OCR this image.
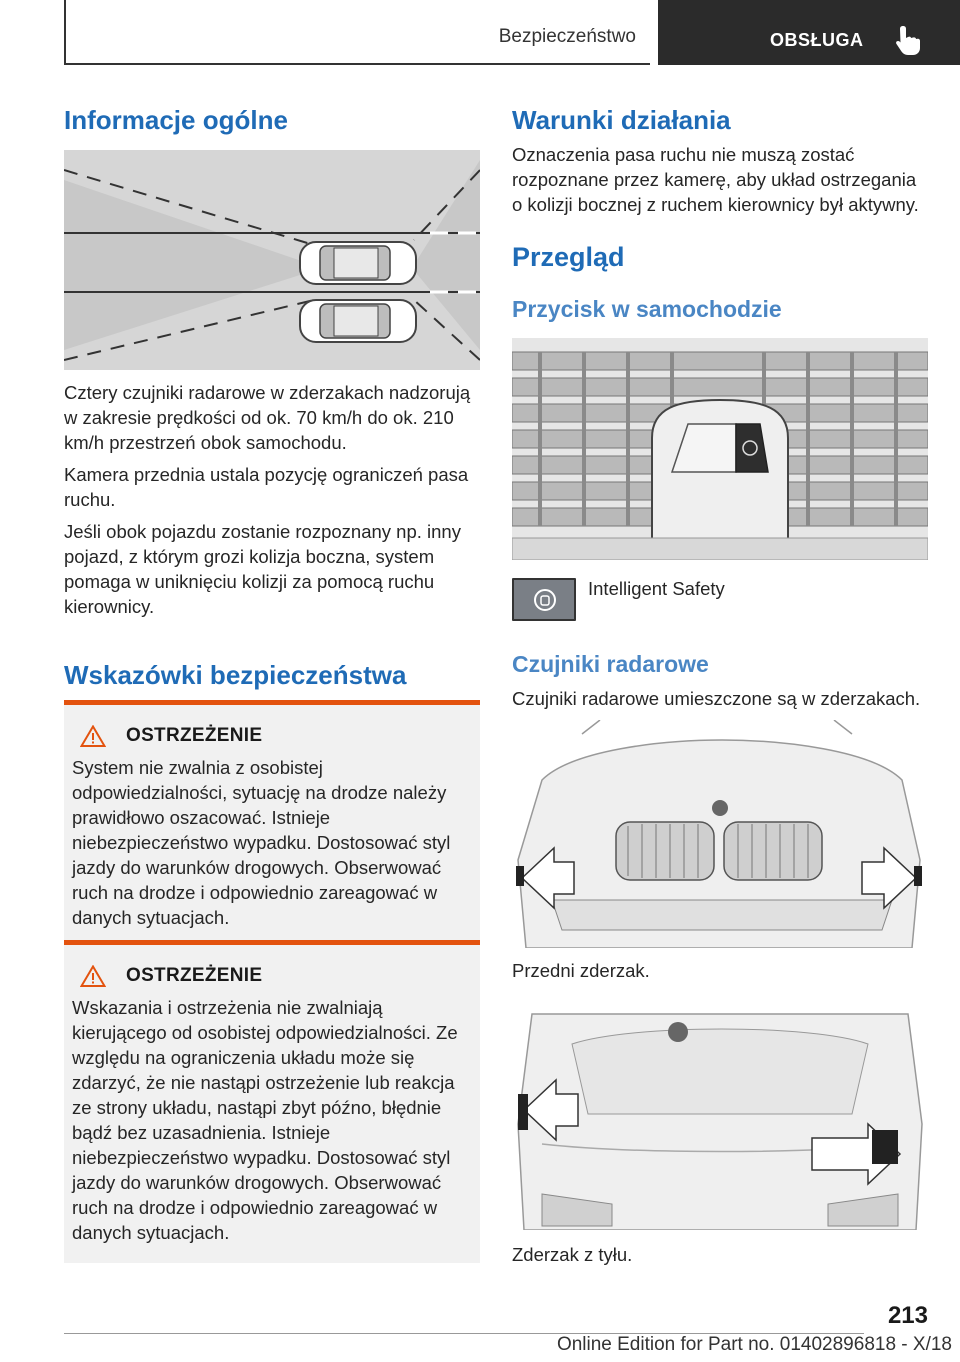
Bezpieczeństwo	OBSŁUGA
Informacje ogólne

Cztery czujniki radarowe w zderzakach nadzorują w zakresie prędkości od ok. 70 km/h do ok. 210 km/h przestrzeń obok samochodu.

Kamera przednia ustala pozycję ograniczeń pasa ruchu.

Jeśli obok pojazdu zostanie rozpoznany np. inny pojazd, z którym grozi kolizja boczna, system pomaga w uniknięciu kolizji za pomocą ruchu kierownicy.

Wskazówki bezpieczeństwa
OSTRZEŻENIE

System nie zwalnia z osobistej odpowiedzialności, sytuację na drodze należy prawidłowo oszacować. Istnieje niebezpieczeństwo wypadku. Dostosować styl jazdy do warunków drogowych. Obserwować ruch na drodze i odpowiednio zareagować w danych sytuacjach.

OSTRZEŻENIE

Wskazania i ostrzeżenia nie zwalniają kierującego od osobistej odpowiedzialności. Ze względu na ograniczenia układu może się zdarzyć, że nie nastąpi ostrzeżenie lub reakcja ze strony układu, nastąpi zbyt późno, błędnie bądź bez uzasadnienia. Istnieje niebezpieczeństwo wypadku. Dostosować styl jazdy do warunków drogowych. Obserwować ruch na drodze i odpowiednio zareagować w danych sytuacjach.

Warunki działania

Oznaczenia pasa ruchu nie muszą zostać rozpoznane przez kamerę, aby układ ostrzegania o kolizji bocznej z ruchem kierownicy był aktywny.

Przegląd
Przycisk w samochodzie
Intelligent Safety
Czujniki radarowe

Czujniki radarowe umieszczone są w zderzakach.

Przedni zderzak.

Zderzak z tyłu.

213
Online Edition for Part no. 01402896818 - X/18
